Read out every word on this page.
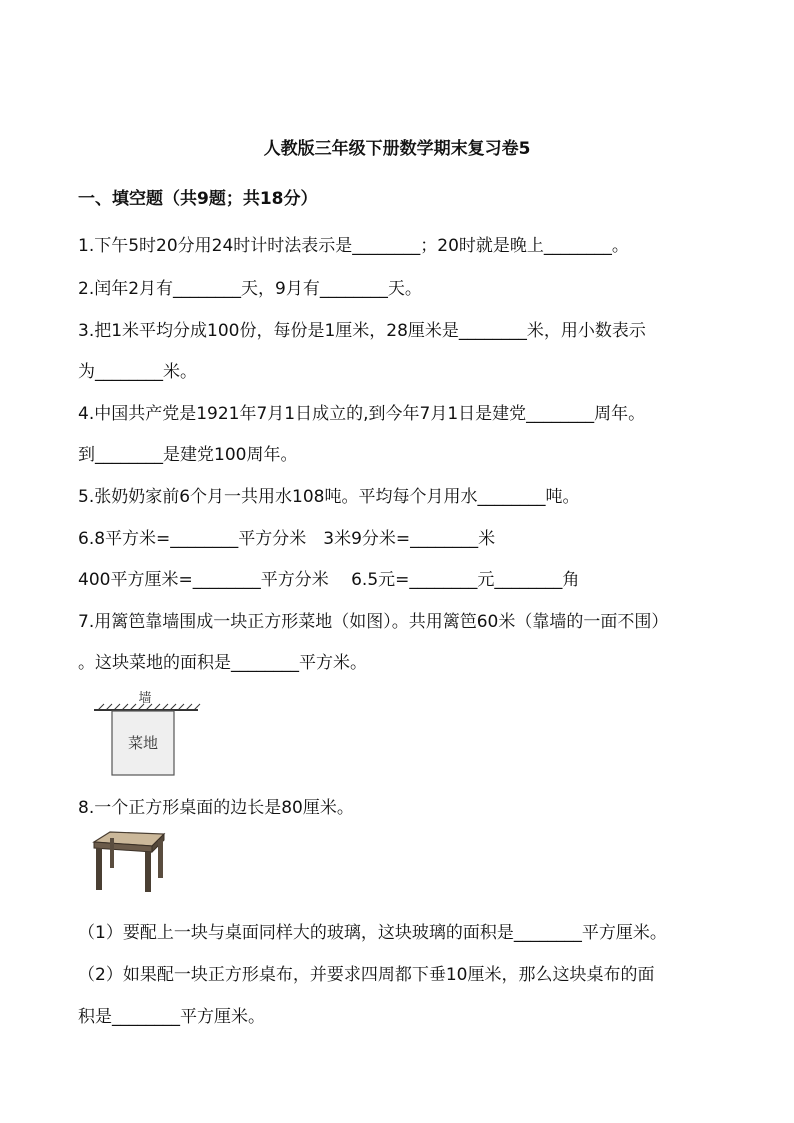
人教版三年级下册数学期末复习卷5
一、填空题（共9题；共18分）
1.下午5时20分用24时计时法表示是________；20时就是晚上________。
2.闰年2月有________天，9月有________天。
3.把1米平均分成100份，每份是1厘米，28厘米是________米，用小数表示
为________米。
4.中国共产党是1921年7月1日成立的,到今年7月1日是建党________周年。
到________是建党100周年。
5.张奶奶家前6个月一共用水108吨。平均每个月用水________吨。
6.8平方米=________平方分米　3米9分米=________米
400平方厘米=________平方分米　 6.5元=________元________角
7.用篱笆靠墙围成一块正方形菜地（如图）。共用篱笆60米（靠墙的一面不围）
。这块菜地的面积是________平方米。
墙
菜地
8.一个正方形桌面的边长是80厘米。
（1）要配上一块与桌面同样大的玻璃，这块玻璃的面积是________平方厘米。
（2）如果配一块正方形桌布，并要求四周都下垂10厘米，那么这块桌布的面
积是________平方厘米。
